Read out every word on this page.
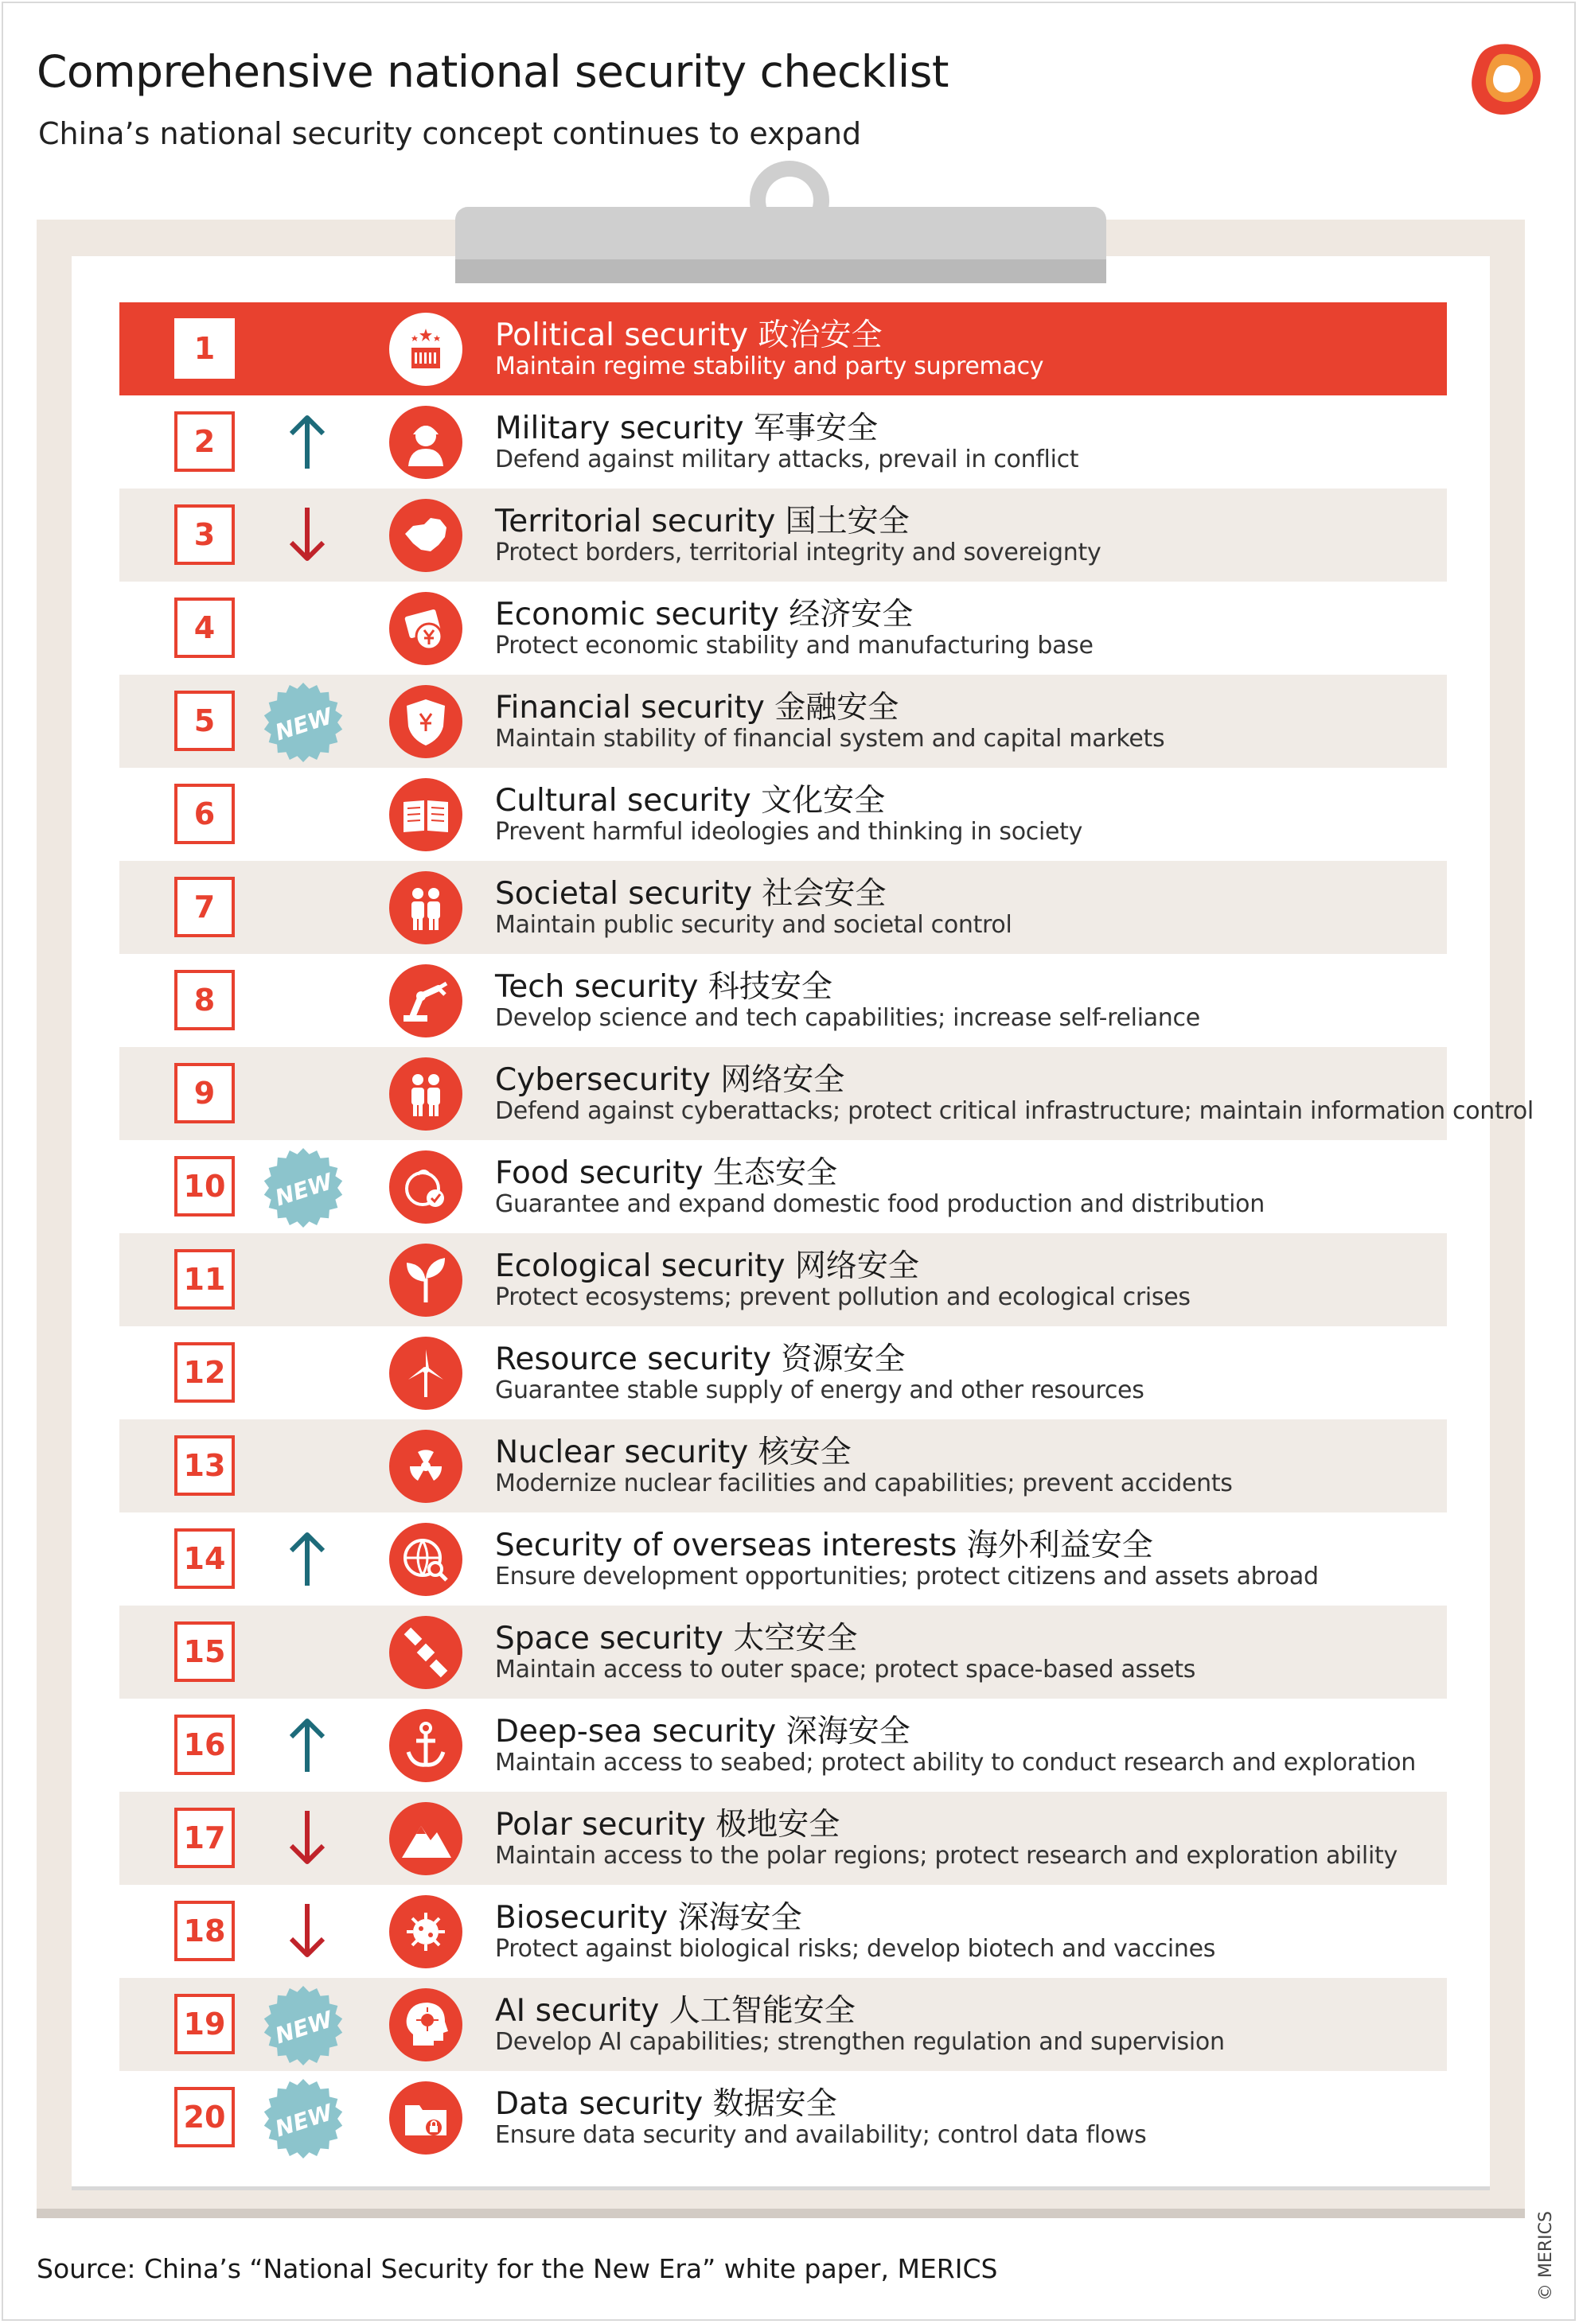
Comprehensive national security checklist
China’s national security concept continues to expand
1	Political security 政治安全
Maintain regime stability and party supremacy
2	Military security 军事安全
Defend against military attacks, prevail in conflict
3	Territorial security 国土安全
Protect borders, territorial integrity and sovereignty
4	Economic security 经济安全
Protect economic stability and manufacturing base
5	NEW	Financial security 金融安全
Maintain stability of financial system and capital markets
6	Cultural security 文化安全
Prevent harmful ideologies and thinking in society
7	Societal security 社会安全
Maintain public security and societal control
8	Tech security 科技安全
Develop science and tech capabilities; increase self-reliance
9	Cybersecurity 网络安全
Defend against cyberattacks; protect critical infrastructure; maintain information control
10	NEW	Food security 生态安全
Guarantee and expand domestic food production and distribution
11	Ecological security 网络安全
Protect ecosystems; prevent pollution and ecological crises
12	Resource security 资源安全
Guarantee stable supply of energy and other resources
13	Nuclear security 核安全
Modernize nuclear facilities and capabilities; prevent accidents
14	Security of overseas interests 海外利益安全
Ensure development opportunities; protect citizens and assets abroad
15	Space security 太空安全
Maintain access to outer space; protect space-based assets
16	Deep-sea security 深海安全
Maintain access to seabed; protect ability to conduct research and exploration
17	Polar security 极地安全
Maintain access to the polar regions; protect research and exploration ability
18	Biosecurity 深海安全
Protect against biological risks; develop biotech and vaccines
19	NEW	AI security 人工智能安全
Develop AI capabilities; strengthen regulation and supervision
20	NEW	Data security 数据安全
Ensure data security and availability; control data flows
Source: China’s “National Security for the New Era” white paper, MERICS	© MERICS
